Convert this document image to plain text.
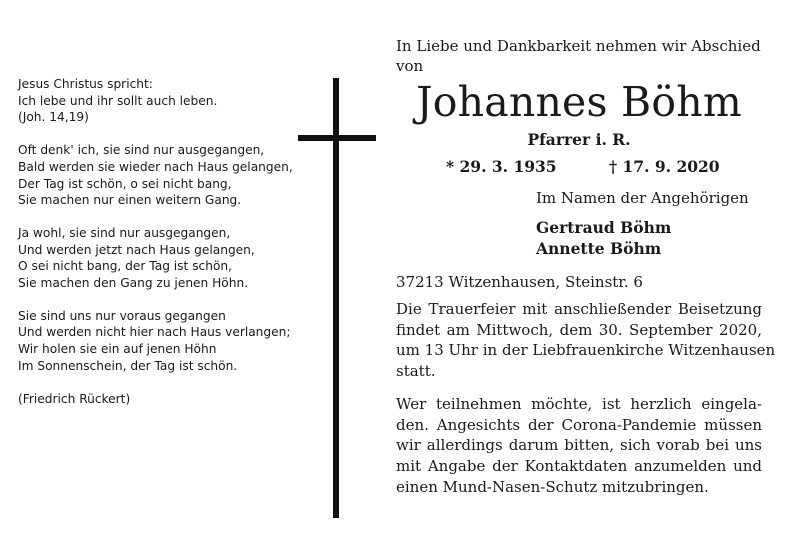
Jesus Christus spricht:
Ich lebe und ihr sollt auch leben.
(Joh. 14,19)
Oft denk' ich, sie sind nur ausgegangen,
Bald werden sie wieder nach Haus gelangen,
Der Tag ist schön, o sei nicht bang,
Sie machen nur einen weitern Gang.
Ja wohl, sie sind nur ausgegangen,
Und werden jetzt nach Haus gelangen,
O sei nicht bang, der Tag ist schön,
Sie machen den Gang zu jenen Höhn.
Sie sind uns nur voraus gegangen
Und werden nicht hier nach Haus verlangen;
Wir holen sie ein auf jenen Höhn
Im Sonnenschein, der Tag ist schön.
(Friedrich Rückert)
In Liebe und Dankbarkeit nehmen wir Abschied
von
Johannes Böhm
Pfarrer i. R.
* 29. 3. 1935	† 17. 9. 2020
Im Namen der Angehörigen
Gertraud Böhm
Annette Böhm
37213 Witzenhausen, Steinstr. 6
Die Trauerfeier mit anschließender Beisetzung
findet am Mittwoch, dem 30. September 2020,
um 13 Uhr in der Liebfrauenkirche Witzenhausen
statt.
Wer teilnehmen möchte, ist herzlich eingela-
den. Angesichts der Corona-Pandemie müssen
wir allerdings darum bitten, sich vorab bei uns
mit Angabe der Kontaktdaten anzumelden und
einen Mund-Nasen-Schutz mitzubringen.
